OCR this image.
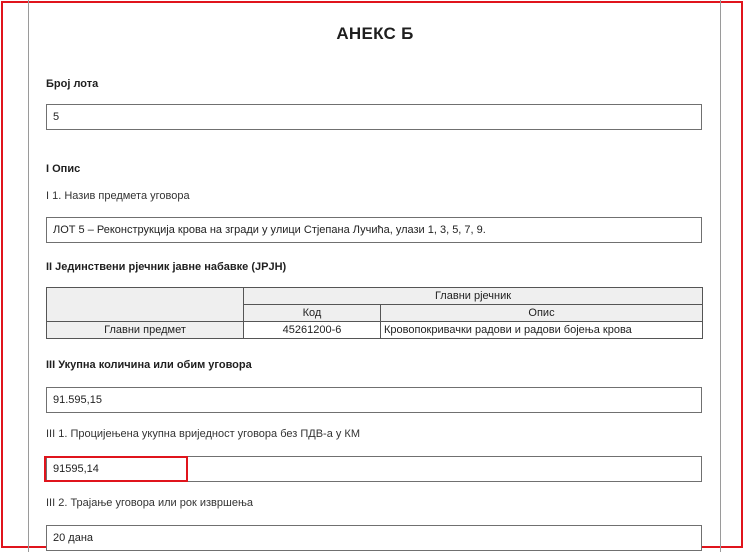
АНЕКС Б
Број лота
5
I Опис
I 1. Назив предмета уговора
ЛОТ 5 – Реконструкција крова на згради у улици Стјепана Лучића, улази 1, 3, 5, 7, 9.
II Јединствени рјечник јавне набавке (JPJH)
	Главни рјечник	
	Код	Опис
Главни предмет	45261200-6	Кровопокривачки радови и радови бојења крова
III Укупна количина или обим уговора
91.595,15
III 1. Процијењена укупна вриједност уговора без ПДВ-а у КМ
91595,14
III 2. Трајање уговора или рок извршења
20 дана
